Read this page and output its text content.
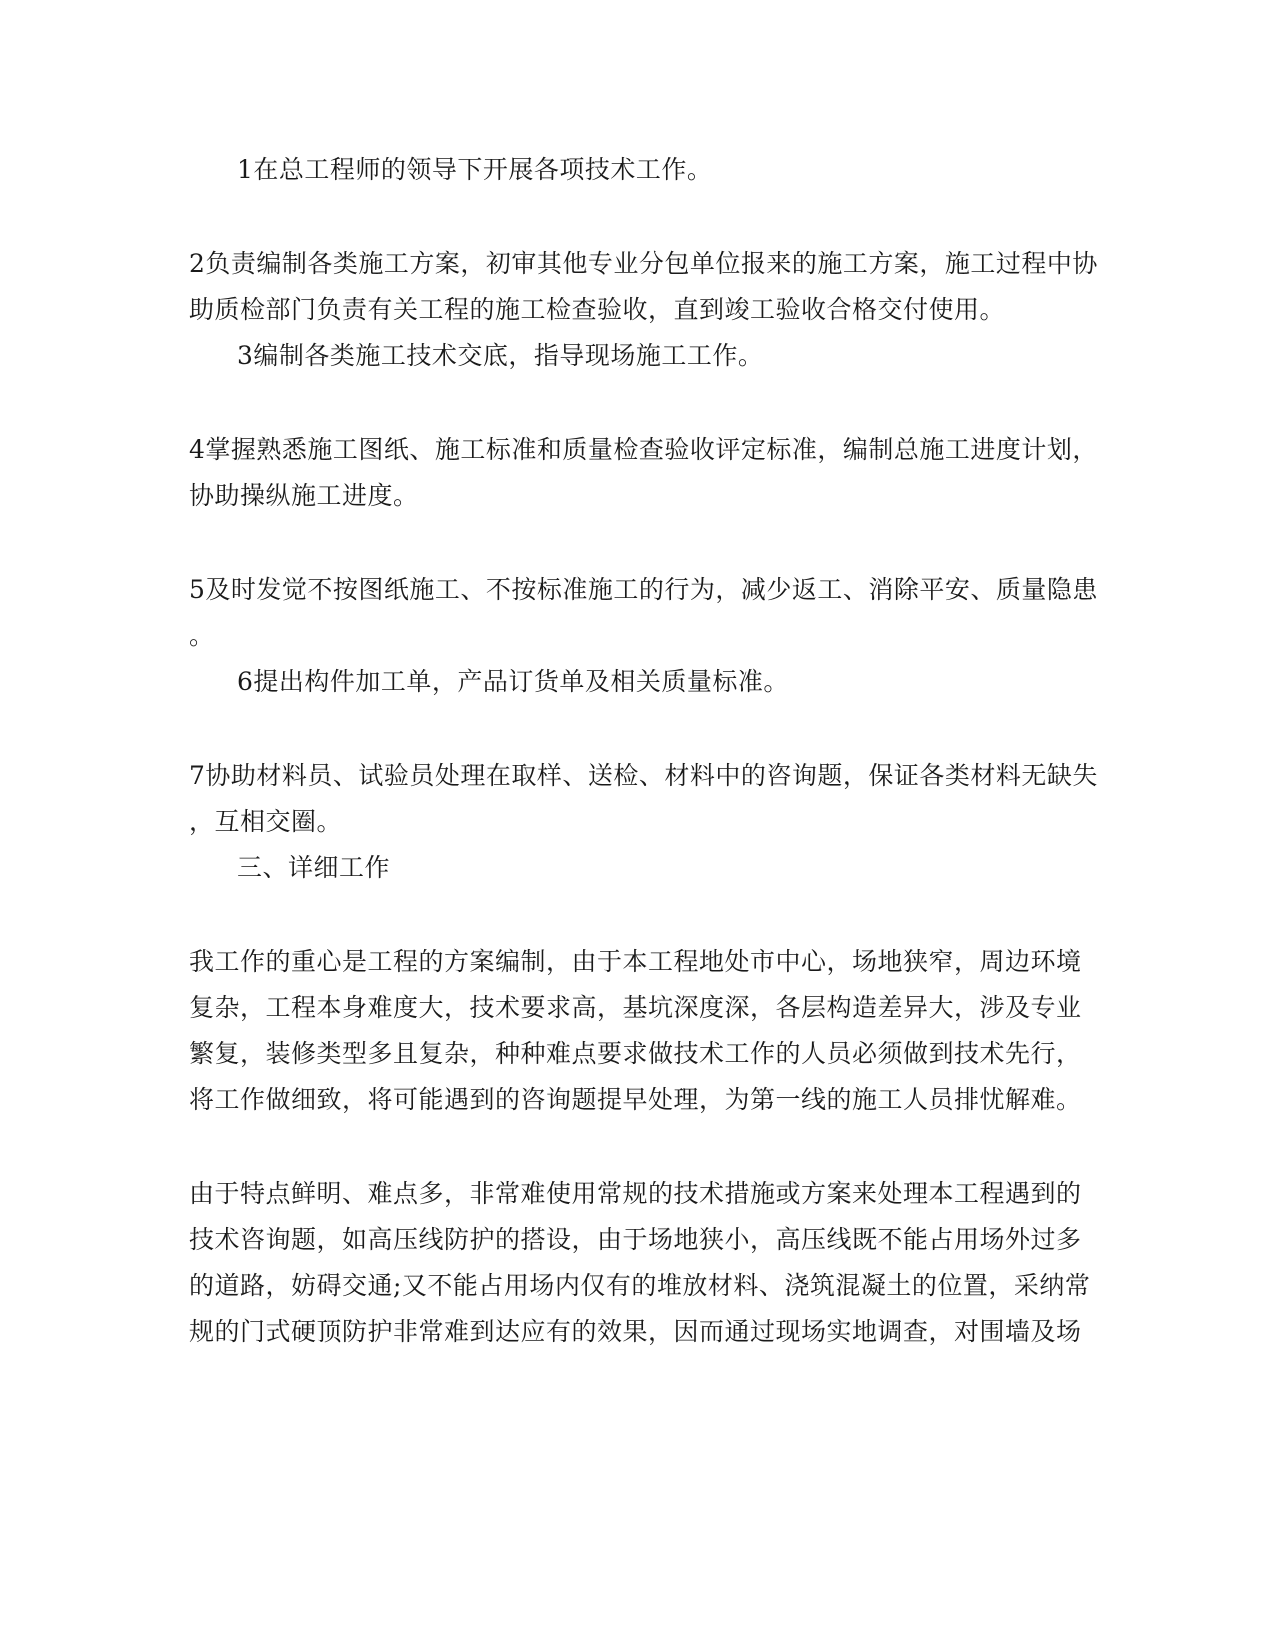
1在总工程师的领导下开展各项技术工作。
2负责编制各类施工方案，初审其他专业分包单位报来的施工方案，施工过程中协
助质检部门负责有关工程的施工检查验收，直到竣工验收合格交付使用。
3编制各类施工技术交底，指导现场施工工作。
4掌握熟悉施工图纸、施工标准和质量检查验收评定标准，编制总施工进度计划，
协助操纵施工进度。
5及时发觉不按图纸施工、不按标准施工的行为，减少返工、消除平安、质量隐患
。
6提出构件加工单，产品订货单及相关质量标准。
7协助材料员、试验员处理在取样、送检、材料中的咨询题，保证各类材料无缺失
，互相交圈。
三、详细工作
我工作的重心是工程的方案编制，由于本工程地处市中心，场地狭窄，周边环境
复杂，工程本身难度大，技术要求高，基坑深度深，各层构造差异大，涉及专业
繁复，装修类型多且复杂，种种难点要求做技术工作的人员必须做到技术先行，
将工作做细致，将可能遇到的咨询题提早处理，为第一线的施工人员排忧解难。
由于特点鲜明、难点多，非常难使用常规的技术措施或方案来处理本工程遇到的
技术咨询题，如高压线防护的搭设，由于场地狭小，高压线既不能占用场外过多
的道路，妨碍交通;又不能占用场内仅有的堆放材料、浇筑混凝土的位置，采纳常
规的门式硬顶防护非常难到达应有的效果，因而通过现场实地调查，对围墙及场
